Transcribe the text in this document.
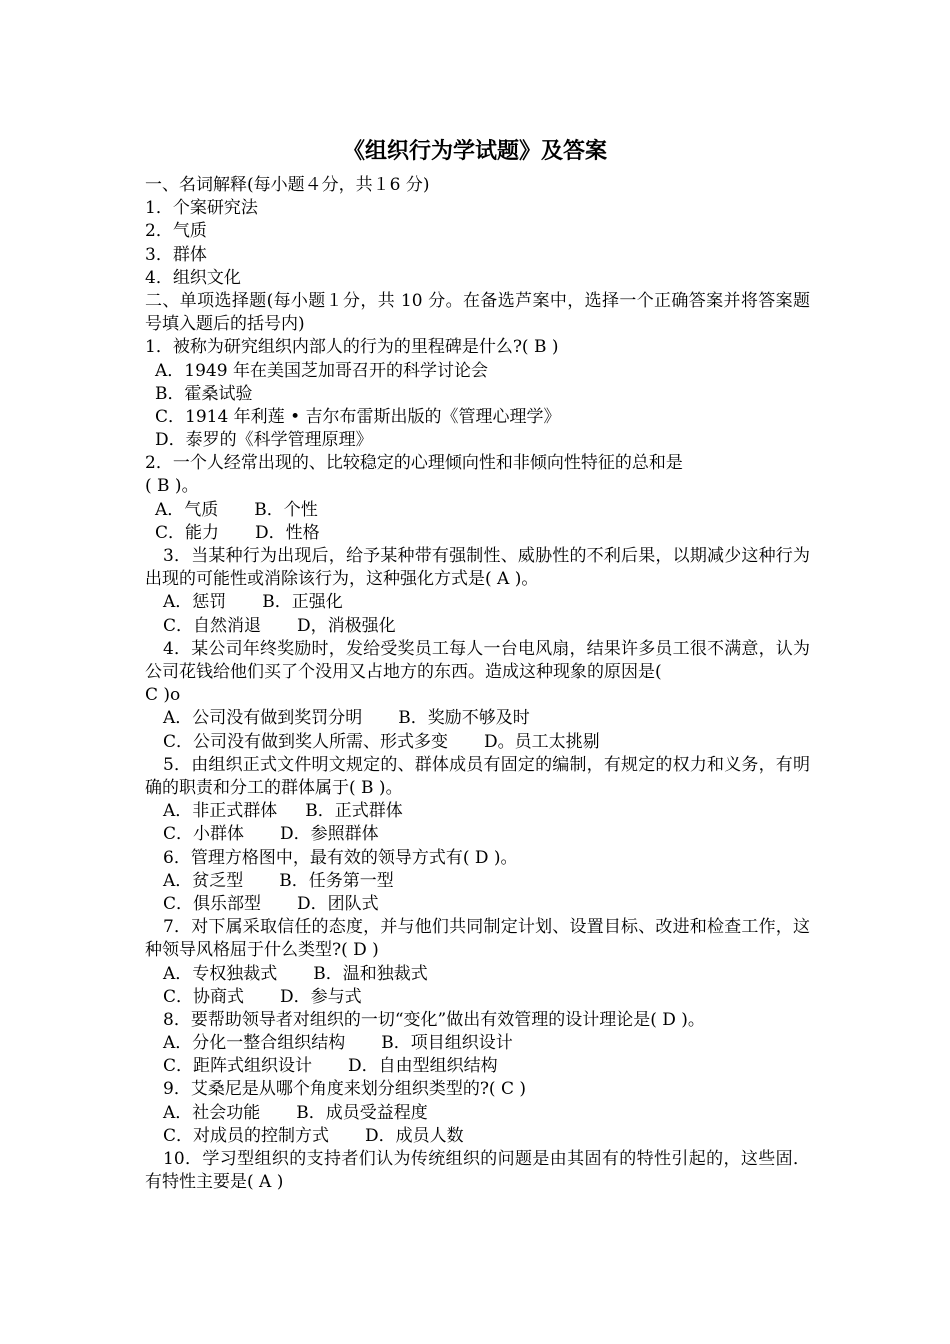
《组织行为学试题》及答案
一、名词解释(每小题４分，共１6 分)
1．个案研究法
2．气质
3．群体
4．组织文化
二、单项选择题(每小题１分，共 10 分。在备选芦案中，选择一个正确答案并将答案题号填入题后的括号内)
1．被称为研究组织内部人的行为的里程碑是什么?( B )
A．1949 年在美国芝加哥召开的科学讨论会
B．霍桑试验
C．1914 年利莲 • 吉尔布雷斯出版的《管理心理学》
D．泰罗的《科学管理原理》
2．一个人经常出现的、比较稳定的心理倾向性和非倾向性特征的总和是
( B )。
A．气质 B．个性
C．能力 D．性格
3．当某种行为出现后，给予某种带有强制性、威胁性的不利后果，以期减少这种行为出现的可能性或消除该行为，这种强化方式是( A )。
A．惩罚 B．正强化
C．自然消退 D，消极强化
4．某公司年终奖励时，发给受奖员工每人一台电风扇，结果许多员工很不满意，认为公司花钱给他们买了个没用又占地方的东西。造成这种现象的原因是(
C )o
A．公司没有做到奖罚分明 B．奖励不够及时
C．公司没有做到奖人所需、形式多变 D。员工太挑剔
5．由组织正式文件明文规定的、群体成员有固定的编制，有规定的权力和义务，有明确的职责和分工的群体属于( B )。
A．非正式群体 B．正式群体
C．小群体 D．参照群体
6．管理方格图中，最有效的领导方式有( D )。
A．贫乏型 B．任务第一型
C．俱乐部型 D．团队式
7．对下属采取信任的态度，并与他们共同制定计划、设置目标、改进和检查工作，这种领导风格屈于什么类型?( D )
A．专权独裁式 B．温和独裁式
C．协商式 D．参与式
8．要帮助领导者对组织的一切“变化”做出有效管理的设计理论是( D )。
A．分化一整合组织结构 B．项目组织设计
C．距阵式组织设计 D．自由型组织结构
9．艾桑尼是从哪个角度来划分组织类型的?( C )
A．社会功能 B．成员受益程度
C．对成员的控制方式 D．成员人数
10．学习型组织的支持者们认为传统组织的问题是由其固有的特性引起的，这些固．有特性主要是( A )
